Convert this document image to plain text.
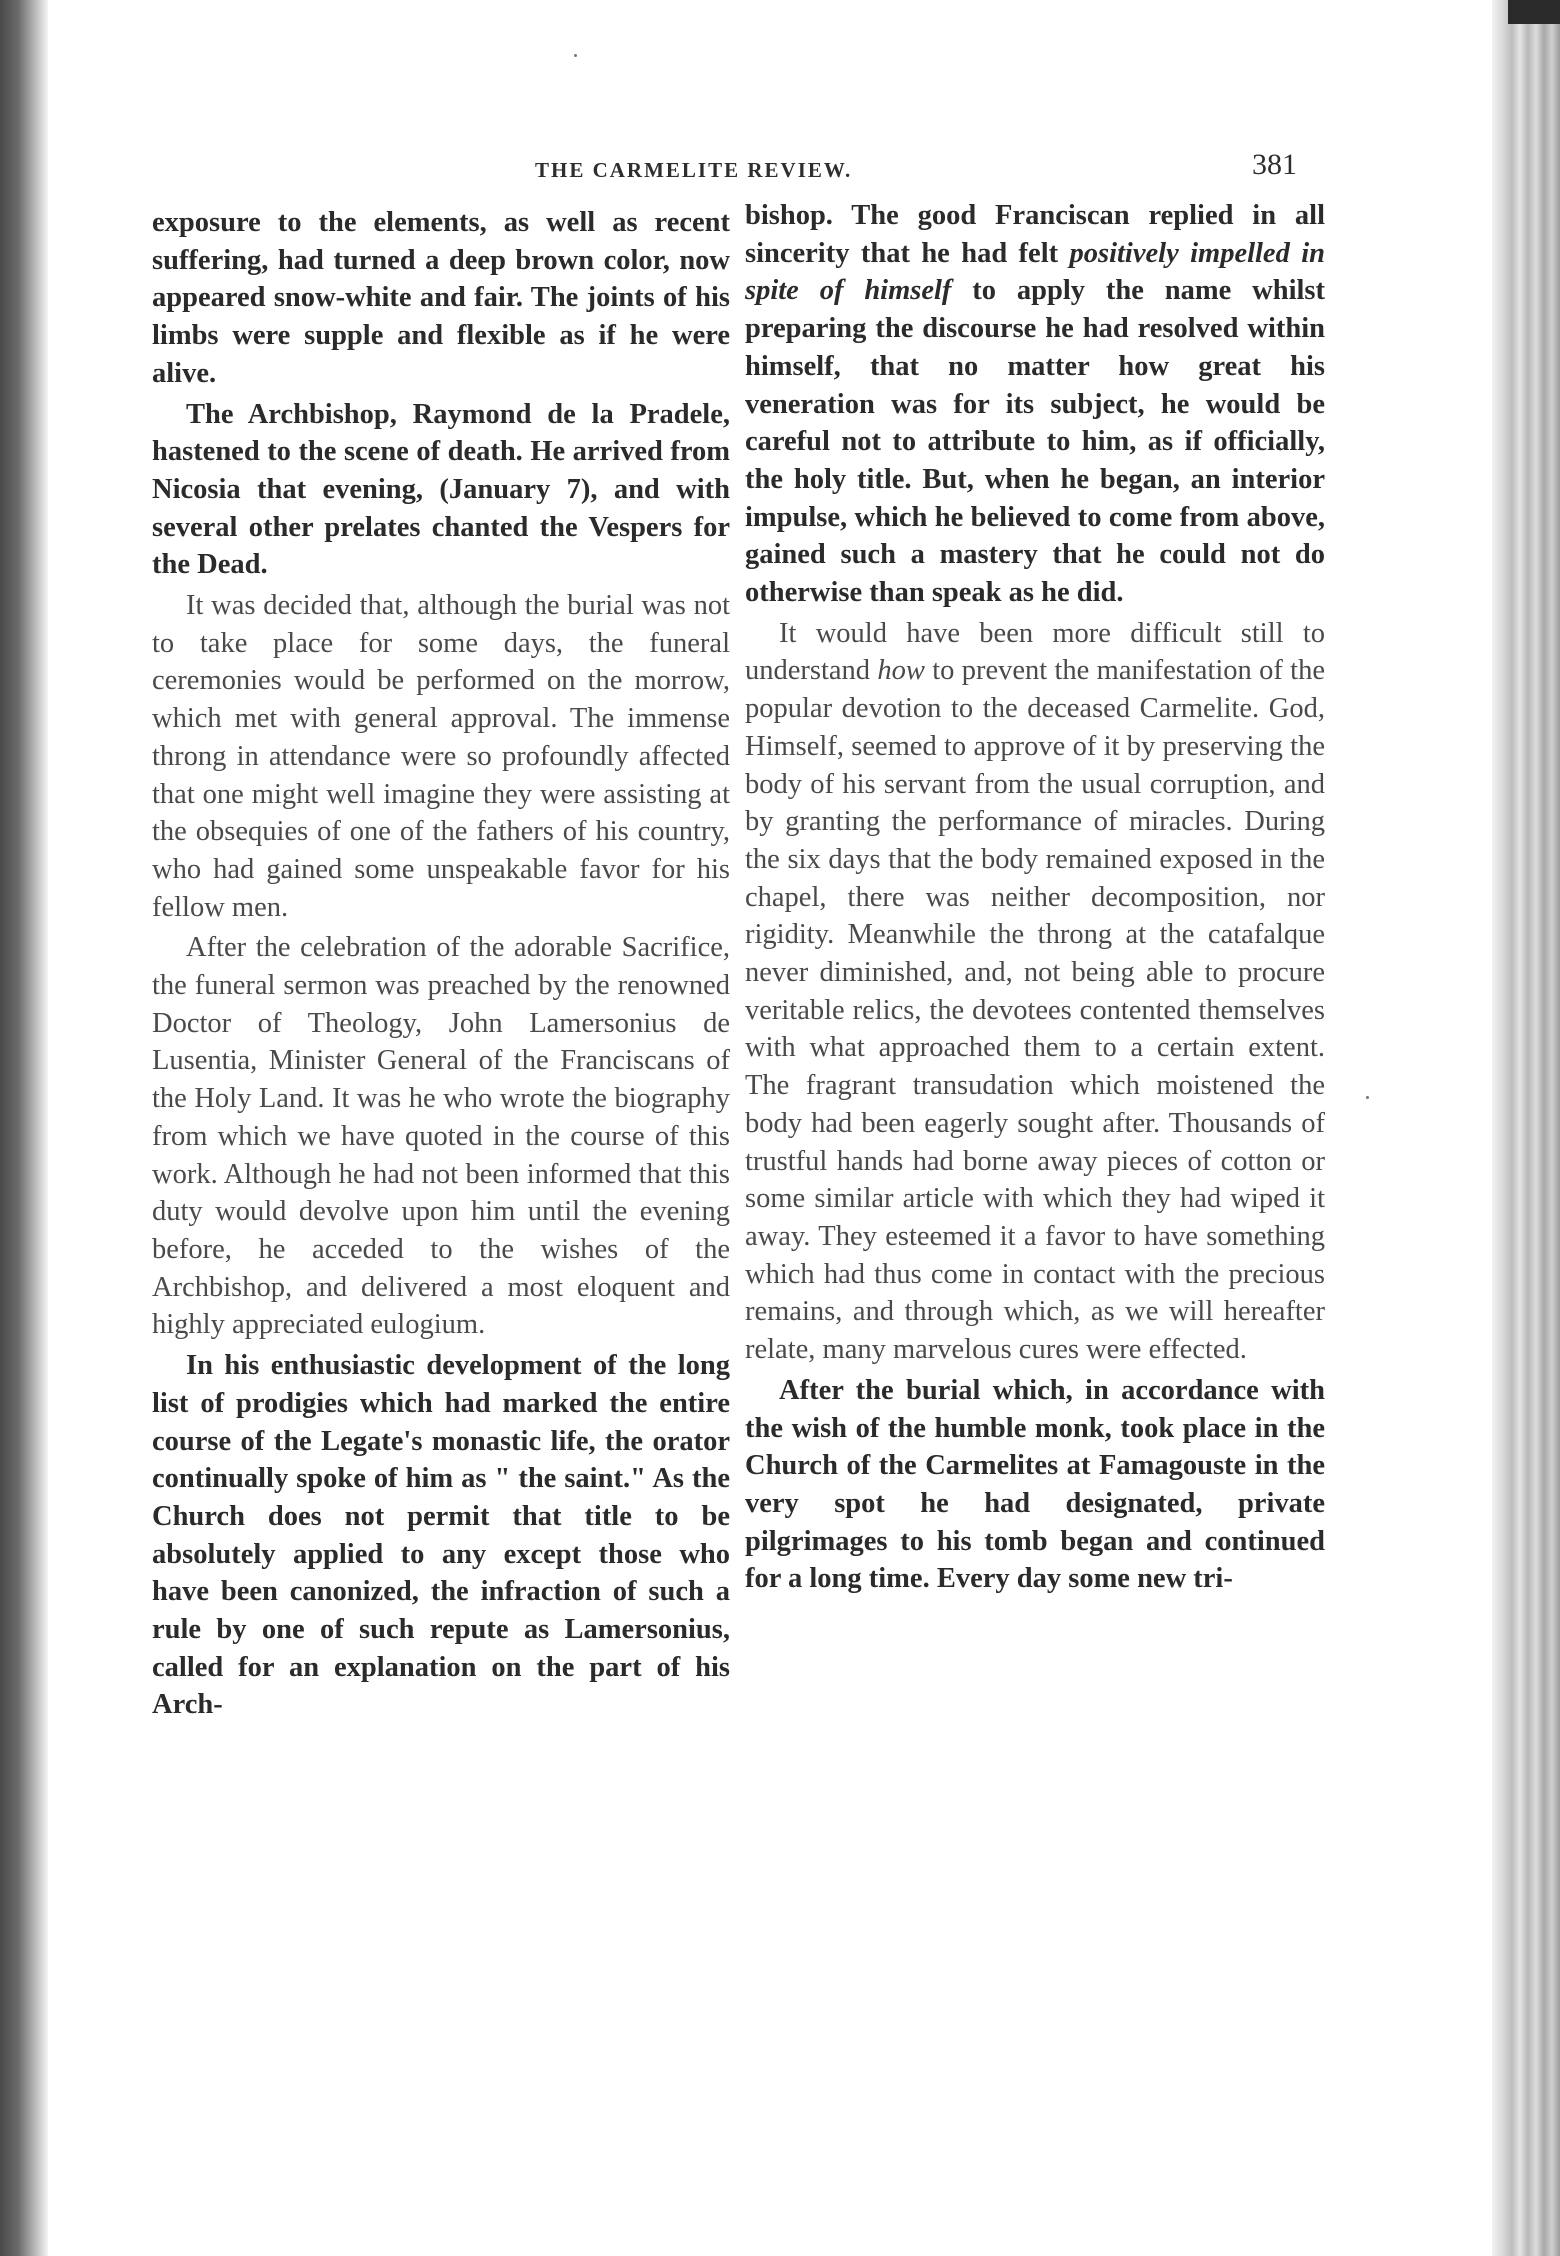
THE CARMELITE REVIEW.	381

exposure to the elements, as well as recent suffering, had turned a deep brown color, now appeared snow-white and fair. The joints of his limbs were supple and flexible as if he were alive.

The Archbishop, Raymond de la Pradele, hastened to the scene of death. He arrived from Nicosia that evening, (January 7), and with several other prelates chanted the Vespers for the Dead.

It was decided that, although the burial was not to take place for some days, the funeral ceremonies would be performed on the morrow, which met with general approval. The immense throng in attendance were so profoundly affected that one might well imagine they were assisting at the obsequies of one of the fathers of his country, who had gained some unspeakable favor for his fellow men.

After the celebration of the adorable Sacrifice, the funeral sermon was preached by the renowned Doctor of Theology, John Lamersonius de Lusentia, Minister General of the Franciscans of the Holy Land. It was he who wrote the biography from which we have quoted in the course of this work. Although he had not been informed that this duty would devolve upon him until the evening before, he acceded to the wishes of the Archbishop, and delivered a most eloquent and highly appreciated eulogium.

In his enthusiastic development of the long list of prodigies which had marked the entire course of the Legate's monastic life, the orator continually spoke of him as " the saint." As the Church does not permit that title to be absolutely applied to any except those who have been canonized, the infraction of such a rule by one of such repute as Lamersonius, called for an explanation on the part of his Arch-

bishop. The good Franciscan replied in all sincerity that he had felt positively impelled in spite of himself to apply the name whilst preparing the discourse he had resolved within himself, that no matter how great his veneration was for its subject, he would be careful not to attribute to him, as if officially, the holy title. But, when he began, an interior impulse, which he believed to come from above, gained such a mastery that he could not do otherwise than speak as he did.

It would have been more difficult still to understand how to prevent the manifestation of the popular devotion to the deceased Carmelite. God, Himself, seemed to approve of it by preserving the body of his servant from the usual corruption, and by granting the performance of miracles. During the six days that the body remained exposed in the chapel, there was neither decomposition, nor rigidity. Meanwhile the throng at the catafalque never diminished, and, not being able to procure veritable relics, the devotees contented themselves with what approached them to a certain extent. The fragrant transudation which moistened the body had been eagerly sought after. Thousands of trustful hands had borne away pieces of cotton or some similar article with which they had wiped it away. They esteemed it a favor to have something which had thus come in contact with the precious remains, and through which, as we will hereafter relate, many marvelous cures were effected.

After the burial which, in accordance with the wish of the humble monk, took place in the Church of the Carmelites at Famagouste in the very spot he had designated, private pilgrimages to his tomb began and continued for a long time. Every day some new tri-
